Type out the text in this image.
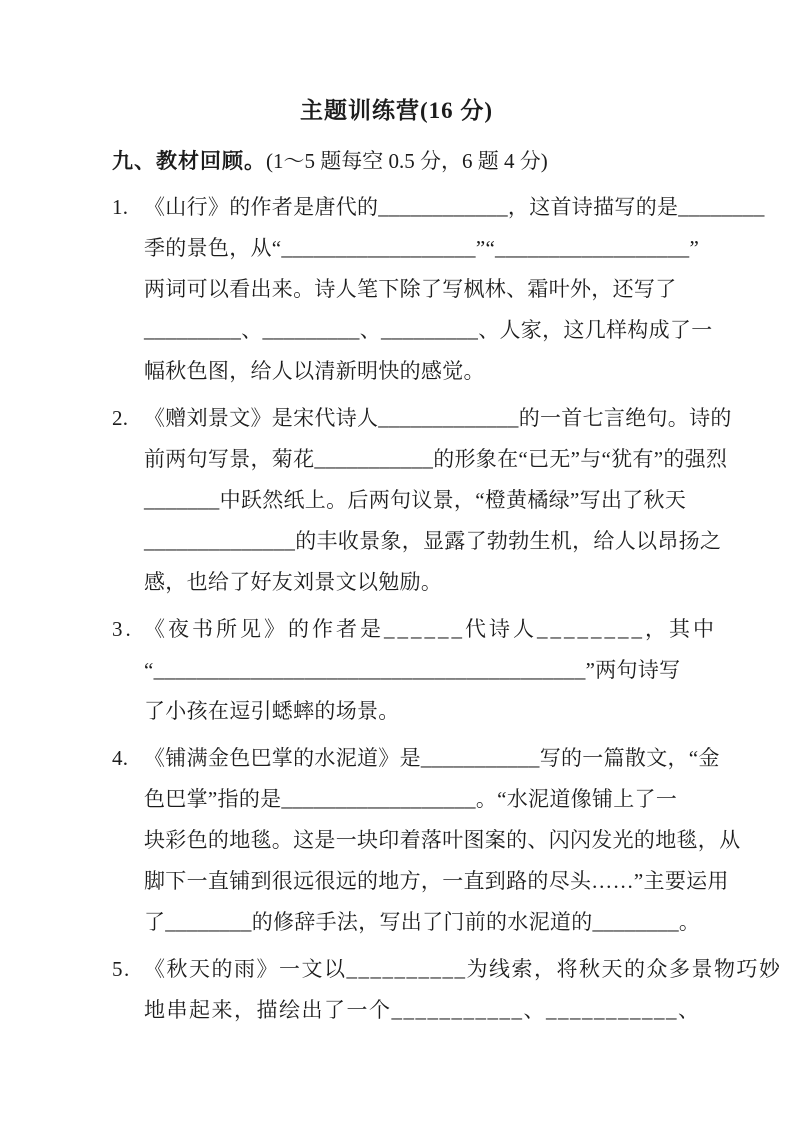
主题训练营(16 分)
九、教材回顾。(1～5 题每空 0.5 分，6 题 4 分)
1. 《山行》的作者是唐代的____________，这首诗描写的是________
季的景色，从“__________________”“__________________”
两词可以看出来。诗人笔下除了写枫林、霜叶外，还写了
_________、_________、_________、人家，这几样构成了一
幅秋色图，给人以清新明快的感觉。
2. 《赠刘景文》是宋代诗人_____________的一首七言绝句。诗的
前两句写景，菊花___________的形象在“已无”与“犹有”的强烈
_______中跃然纸上。后两句议景，“橙黄橘绿”写出了秋天
______________的丰收景象，显露了勃勃生机，给人以昂扬之
感，也给了好友刘景文以勉励。
3. 《夜书所见》的作者是______代诗人________，其中
“________________________________________”两句诗写
了小孩在逗引蟋蟀的场景。
4. 《铺满金色巴掌的水泥道》是___________写的一篇散文，“金
色巴掌”指的是__________________。“水泥道像铺上了一
块彩色的地毯。这是一块印着落叶图案的、闪闪发光的地毯，从
脚下一直铺到很远很远的地方，一直到路的尽头……”主要运用
了________的修辞手法，写出了门前的水泥道的________。
5. 《秋天的雨》一文以__________为线索，将秋天的众多景物巧妙
地串起来，描绘出了一个___________、___________、
